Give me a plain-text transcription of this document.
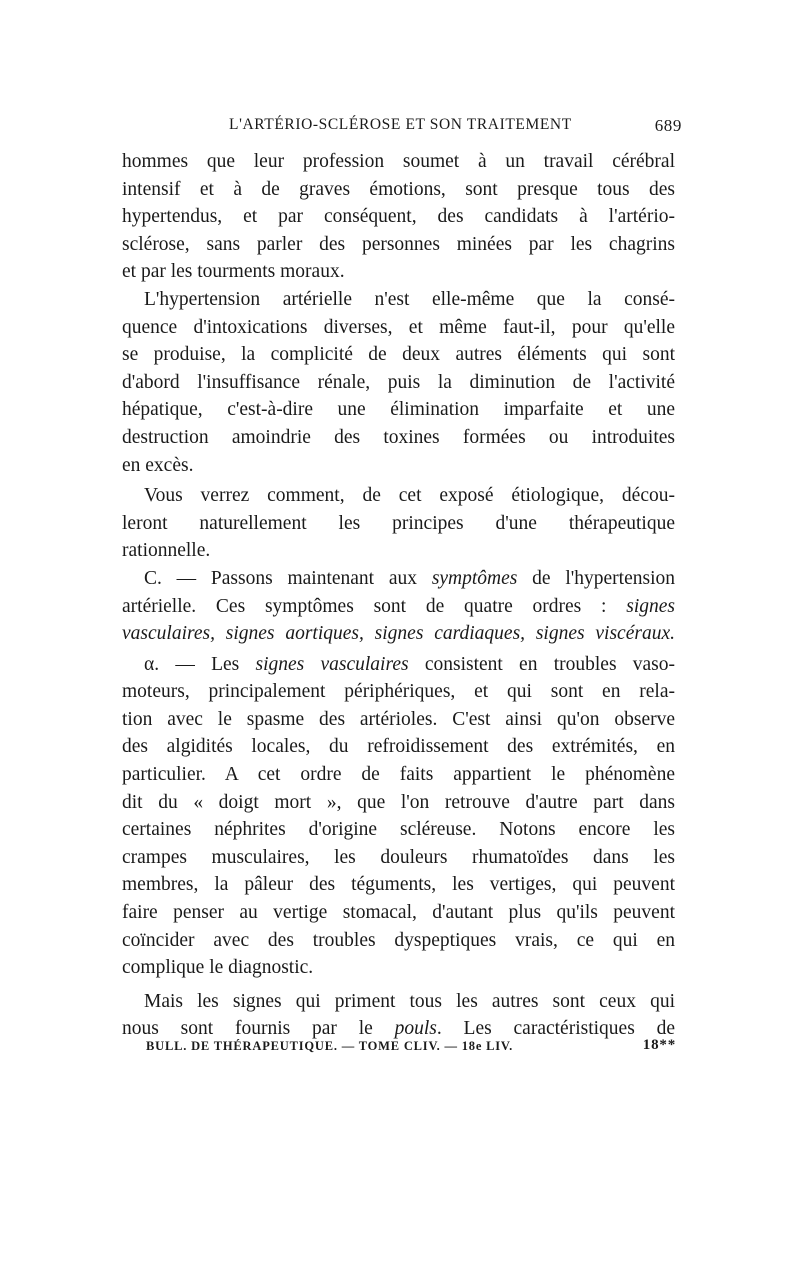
L'ARTÉRIO-SCLÉROSE ET SON TRAITEMENT	689
hommes que leur profession soumet à un travail cérébral
intensif et à de graves émotions, sont presque tous des
hypertendus, et par conséquent, des candidats à l'artério-
sclérose, sans parler des personnes minées par les chagrins
et par les tourments moraux.
L'hypertension artérielle n'est elle-même que la consé-
quence d'intoxications diverses, et même faut-il, pour qu'elle
se produise, la complicité de deux autres éléments qui sont
d'abord l'insuffisance rénale, puis la diminution de l'activité
hépatique, c'est-à-dire une élimination imparfaite et une
destruction amoindrie des toxines formées ou introduites
en excès.
Vous verrez comment, de cet exposé étiologique, décou-
leront naturellement les principes d'une thérapeutique
rationnelle.
C. — Passons maintenant aux symptômes de l'hypertension
artérielle. Ces symptômes sont de quatre ordres : signes
vasculaires, signes aortiques, signes cardiaques, signes viscéraux.
α. — Les signes vasculaires consistent en troubles vaso-
moteurs, principalement périphériques, et qui sont en rela-
tion avec le spasme des artérioles. C'est ainsi qu'on observe
des algidités locales, du refroidissement des extrémités, en
particulier. A cet ordre de faits appartient le phénomène
dit du « doigt mort », que l'on retrouve d'autre part dans
certaines néphrites d'origine scléreuse. Notons encore les
crampes musculaires, les douleurs rhumatoïdes dans les
membres, la pâleur des téguments, les vertiges, qui peuvent
faire penser au vertige stomacal, d'autant plus qu'ils peuvent
coïncider avec des troubles dyspeptiques vrais, ce qui en
complique le diagnostic.
Mais les signes qui priment tous les autres sont ceux qui
nous sont fournis par le pouls. Les caractéristiques de
BULL. DE THÉRAPEUTIQUE. — TOME CLIV. — 18e LIV.	18**
